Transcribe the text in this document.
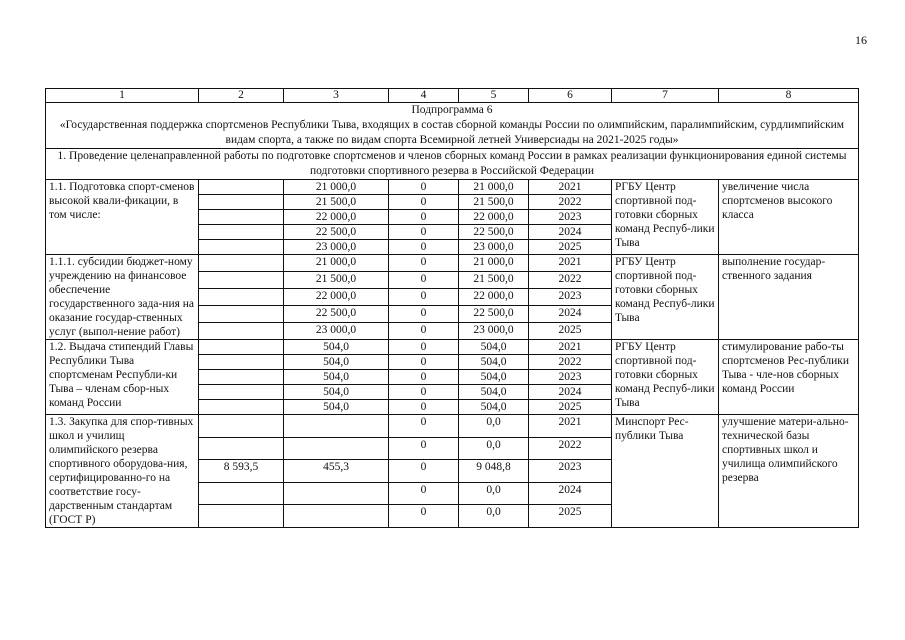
16
1	2	3	4	5	6	7	8

Подпрограмма 6
«Государственная поддержка спортсменов Республики Тыва, входящих в состав сборной команды России по олимпийским, паралимпийским, сурдлимпийским видам спорта, а также по видам спорта Всемирной летней Универсиады на 2021-2025 годы»							

1. Проведение целенаправленной работы по подготовке спортсменов и членов сборных команд России в рамках реализации функционирования единой системы подготовки спортивного резерва в Российской Федерации							
1.1. Подготовка спорт-сменов высокой квали-фикации, в том числе:		21 000,0	0	21 000,0	2021	РГБУ Центр спортивной под-готовки сборных команд Респуб-лики Тыва	увеличение числа спортсменов высокого класса
		21 500,0	0	21 500,0	2022		
		22 000,0	0	22 000,0	2023		
		22 500,0	0	22 500,0	2024		
		23 000,0	0	23 000,0	2025		
1.1.1. субсидии бюджет-ному учреждению на финансовое обеспечение государственного зада-ния на оказание государ-ственных услуг (выпол-нение работ)		21 000,0	0	21 000,0	2021	РГБУ Центр спортивной под-готовки сборных команд Респуб-лики Тыва	выполнение государ-ственного задания
		21 500,0	0	21 500,0	2022		
		22 000,0	0	22 000,0	2023		
		22 500,0	0	22 500,0	2024		
		23 000,0	0	23 000,0	2025		
1.2. Выдача стипендий Главы Республики Тыва спортсменам Республи-ки Тыва – членам сбор-ных команд России		504,0	0	504,0	2021	РГБУ Центр спортивной под-готовки сборных команд Респуб-лики Тыва	стимулирование рабо-ты спортсменов Рес-публики Тыва - чле-нов сборных команд России
		504,0	0	504,0	2022		
		504,0	0	504,0	2023		
		504,0	0	504,0	2024		
		504,0	0	504,0	2025		
1.3. Закупка для спор-тивных школ и училищ олимпийского резерва спортивного оборудова-ния, сертифицированно-го на соответствие госу-дарственным стандартам (ГОСТ Р)			0	0,0	2021	Минспорт Рес-публики Тыва	улучшение матери-ально-технической базы спортивных школ и училища олимпийского резерва
			0	0,0	2022		
	8 593,5	455,3	0	9 048,8	2023		
			0	0,0	2024		
			0	0,0	2025		
